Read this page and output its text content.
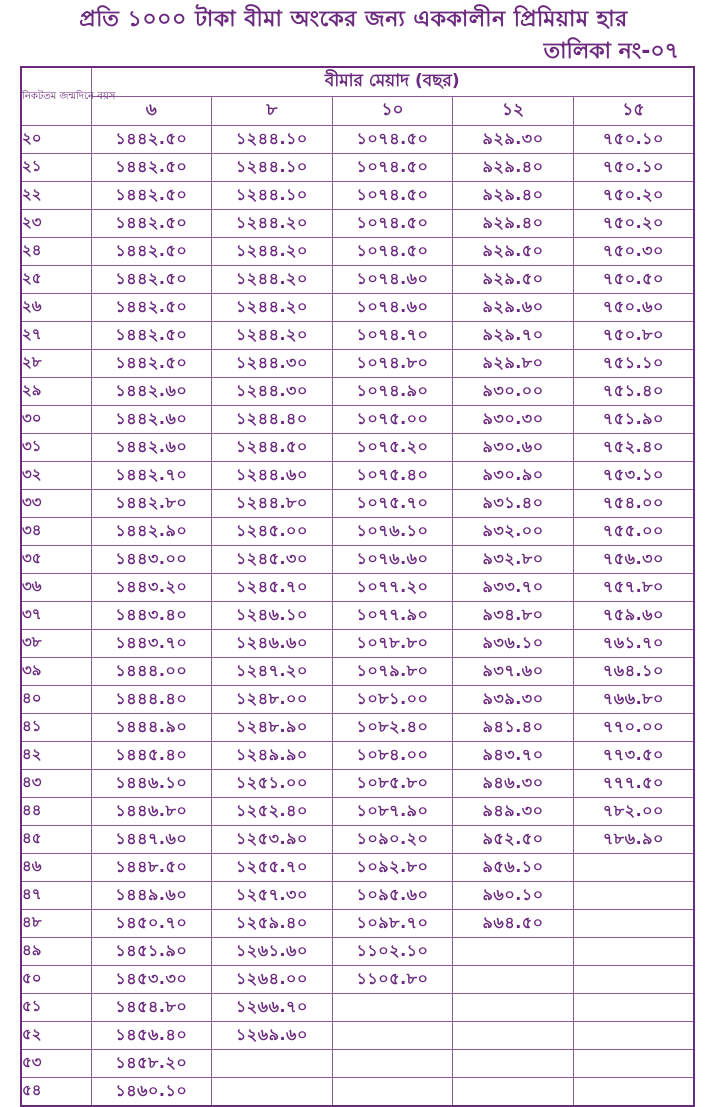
প্রতি ১০০০ টাকা বীমা অংকের জন্য এককালীন প্রিমিয়াম হার
তালিকা নং-০৭
নিকটতম জন্মদিনে বয়স	বীমার মেয়াদ (বছর)				
	৬	৮	১০	১২	১৫
২০	১৪৪২.৫০	১২৪৪.১০	১০৭৪.৫০	৯২৯.৩০	৭৫০.১০
২১	১৪৪২.৫০	১২৪৪.১০	১০৭৪.৫০	৯২৯.৪০	৭৫০.১০
২২	১৪৪২.৫০	১২৪৪.১০	১০৭৪.৫০	৯২৯.৪০	৭৫০.২০
২৩	১৪৪২.৫০	১২৪৪.২০	১০৭৪.৫০	৯২৯.৪০	৭৫০.২০
২৪	১৪৪২.৫০	১২৪৪.২০	১০৭৪.৫০	৯২৯.৫০	৭৫০.৩০
২৫	১৪৪২.৫০	১২৪৪.২০	১০৭৪.৬০	৯২৯.৫০	৭৫০.৫০
২৬	১৪৪২.৫০	১২৪৪.২০	১০৭৪.৬০	৯২৯.৬০	৭৫০.৬০
২৭	১৪৪২.৫০	১২৪৪.২০	১০৭৪.৭০	৯২৯.৭০	৭৫০.৮০
২৮	১৪৪২.৫০	১২৪৪.৩০	১০৭৪.৮০	৯২৯.৮০	৭৫১.১০
২৯	১৪৪২.৬০	১২৪৪.৩০	১০৭৪.৯০	৯৩০.০০	৭৫১.৪০
৩০	১৪৪২.৬০	১২৪৪.৪০	১০৭৫.০০	৯৩০.৩০	৭৫১.৯০
৩১	১৪৪২.৬০	১২৪৪.৫০	১০৭৫.২০	৯৩০.৬০	৭৫২.৪০
৩২	১৪৪২.৭০	১২৪৪.৬০	১০৭৫.৪০	৯৩০.৯০	৭৫৩.১০
৩৩	১৪৪২.৮০	১২৪৪.৮০	১০৭৫.৭০	৯৩১.৪০	৭৫৪.০০
৩৪	১৪৪২.৯০	১২৪৫.০০	১০৭৬.১০	৯৩২.০০	৭৫৫.০০
৩৫	১৪৪৩.০০	১২৪৫.৩০	১০৭৬.৬০	৯৩২.৮০	৭৫৬.৩০
৩৬	১৪৪৩.২০	১২৪৫.৭০	১০৭৭.২০	৯৩৩.৭০	৭৫৭.৮০
৩৭	১৪৪৩.৪০	১২৪৬.১০	১০৭৭.৯০	৯৩৪.৮০	৭৫৯.৬০
৩৮	১৪৪৩.৭০	১২৪৬.৬০	১০৭৮.৮০	৯৩৬.১০	৭৬১.৭০
৩৯	১৪৪৪.০০	১২৪৭.২০	১০৭৯.৮০	৯৩৭.৬০	৭৬৪.১০
৪০	১৪৪৪.৪০	১২৪৮.০০	১০৮১.০০	৯৩৯.৩০	৭৬৬.৮০
৪১	১৪৪৪.৯০	১২৪৮.৯০	১০৮২.৪০	৯৪১.৪০	৭৭০.০০
৪২	১৪৪৫.৪০	১২৪৯.৯০	১০৮৪.০০	৯৪৩.৭০	৭৭৩.৫০
৪৩	১৪৪৬.১০	১২৫১.০০	১০৮৫.৮০	৯৪৬.৩০	৭৭৭.৫০
৪৪	১৪৪৬.৮০	১২৫২.৪০	১০৮৭.৯০	৯৪৯.৩০	৭৮২.০০
৪৫	১৪৪৭.৬০	১২৫৩.৯০	১০৯০.২০	৯৫২.৫০	৭৮৬.৯০
৪৬	১৪৪৮.৫০	১২৫৫.৭০	১০৯২.৮০	৯৫৬.১০	
৪৭	১৪৪৯.৬০	১২৫৭.৩০	১০৯৫.৬০	৯৬০.১০	
৪৮	১৪৫০.৭০	১২৫৯.৪০	১০৯৮.৭০	৯৬৪.৫০	
৪৯	১৪৫১.৯০	১২৬১.৬০	১১০২.১০		
৫০	১৪৫৩.৩০	১২৬৪.০০	১১০৫.৮০		
৫১	১৪৫৪.৮০	১২৬৬.৭০			
৫২	১৪৫৬.৪০	১২৬৯.৬০			
৫৩	১৪৫৮.২০				
৫৪	১৪৬০.১০				
